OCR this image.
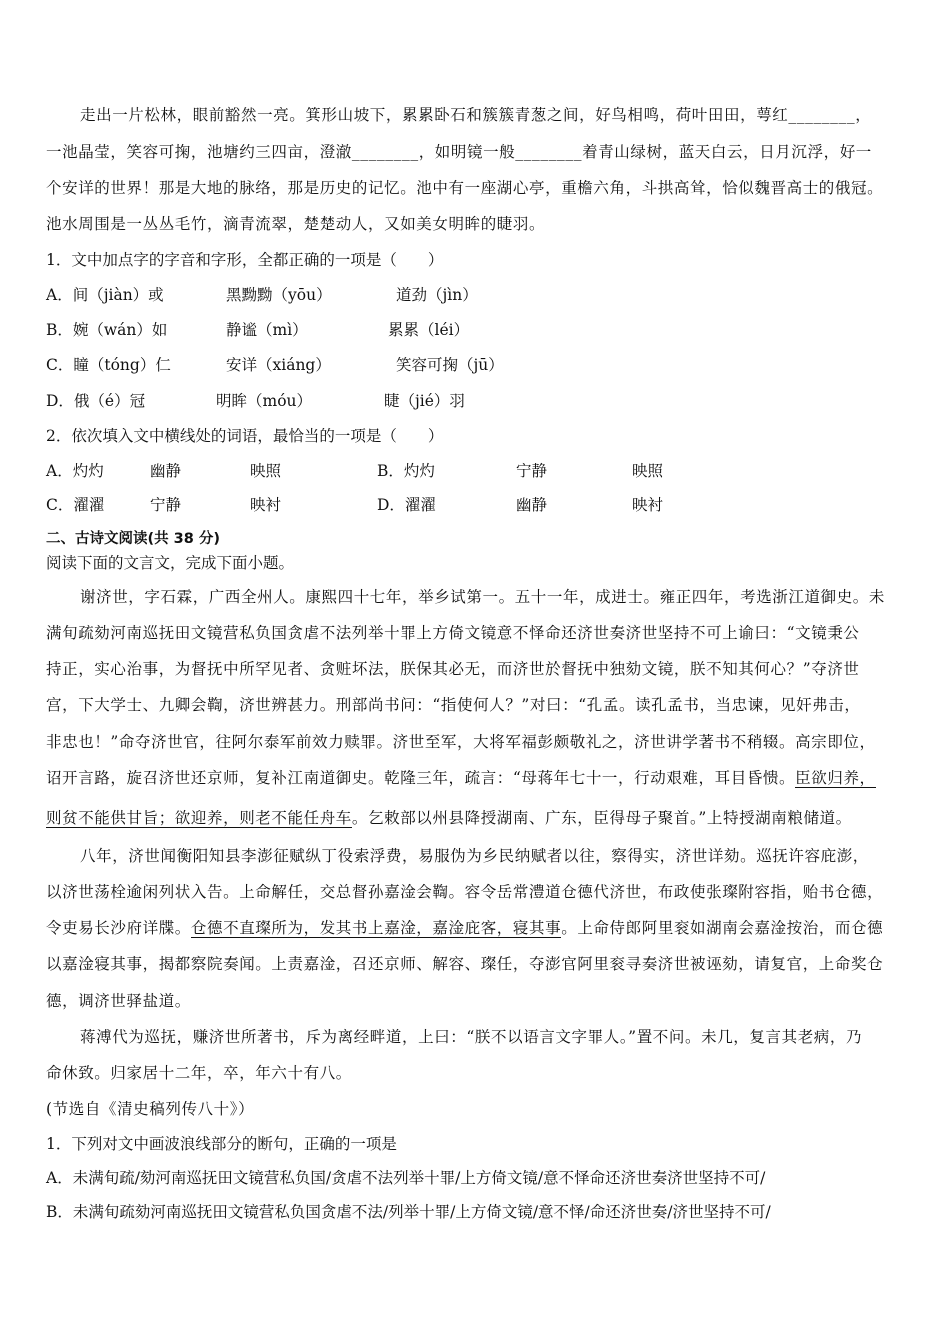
走出一片松林，眼前豁然一亮。箕形山坡下，累累卧石和簇簇青葱之间，好鸟相鸣，荷叶田田，萼红________，
一池晶莹，笑容可掬，池塘约三四亩，澄澈________，如明镜一般________着青山绿树，蓝天白云，日月沉浮，好一
个安详的世界！那是大地的脉络，那是历史的记忆。池中有一座湖心亭，重檐六角，斗拱高耸，恰似魏晋高士的俄冠。
池水周围是一丛丛毛竹，滴青流翠，楚楚动人，又如美女明眸的睫羽。
1．文中加点字的字音和字形，全都正确的一项是（　　）
A．间（jiàn）或	黑黝黝（yōu）	道劲（jìn）
B．婉（wán）如	静谧（mì）	累累（léi）
C．瞳（tóng）仁	安详（xiáng）	笑容可掬（jū）
D．俄（é）冠	明眸（móu）	睫（jié）羽
2．依次填入文中横线处的词语，最恰当的一项是（　　）
A．灼灼	幽静	映照	B．灼灼	宁静	映照
C．濯濯	宁静	映衬	D．濯濯	幽静	映衬
二、古诗文阅读(共 38 分)
阅读下面的文言文，完成下面小题。
谢济世，字石霖，广西全州人。康熙四十七年，举乡试第一。五十一年，成进士。雍正四年，考选浙江道御史。未
满旬疏劾河南巡抚田文镜营私负国贪虐不法列举十罪上方倚文镜意不怿命还济世奏济世坚持不可上谕曰：“文镜秉公
持正，实心治事，为督抚中所罕见者、贪赃坏法，朕保其必无，而济世於督抚中独劾文镜，朕不知其何心？”夺济世
宫，下大学士、九卿会鞫，济世辨甚力。刑部尚书问：“指使何人？”对曰：“孔孟。读孔孟书，当忠谏，见奸弗击，
非忠也！”命夺济世官，往阿尔泰军前效力赎罪。济世至军，大将军福彭颇敬礼之，济世讲学著书不稍辍。高宗即位，
诏开言路，旋召济世还京师，复补江南道御史。乾隆三年，疏言：“母蒋年七十一，行动艰难，耳目昏愦。臣欲归养，
则贫不能供甘旨；欲迎养，则老不能任舟车。乞敕部以州县降授湖南、广东，臣得母子聚首。”上特授湖南粮储道。
八年，济世闻衡阳知县李澎征赋纵丁役索浮费，易服伪为乡民纳赋者以往，察得实，济世详劾。巡抚许容庇澎，
以济世荡栓逾闲列状入告。上命解任，交总督孙嘉淦会鞫。容令岳常澧道仓德代济世，布政使张璨附容指，贻书仓德，
令吏易长沙府详牒。仓德不直璨所为，发其书上嘉淦，嘉淦庇客，寝其事。上命侍郎阿里衮如湖南会嘉淦按治，而仓德
以嘉淦寝其事，揭都察院奏闻。上责嘉淦，召还京师、解容、璨任，夺澎官阿里衮寻奏济世被诬劾，请复官，上命奖仓
德，调济世驿盐道。
蒋溥代为巡抚，赚济世所著书，斥为离经畔道，上曰：“朕不以语言文字罪人。”置不问。未几，复言其老病，乃
命休致。归家居十二年，卒，年六十有八。
(节选自《清史稿列传八十》）
1．下列对文中画波浪线部分的断句，正确的一项是
A．未满旬疏/劾河南巡抚田文镜营私负国/贪虐不法列举十罪/上方倚文镜/意不怿命还济世奏济世坚持不可/
B．未满旬疏劾河南巡抚田文镜营私负国贪虐不法/列举十罪/上方倚文镜/意不怿/命还济世奏/济世坚持不可/
